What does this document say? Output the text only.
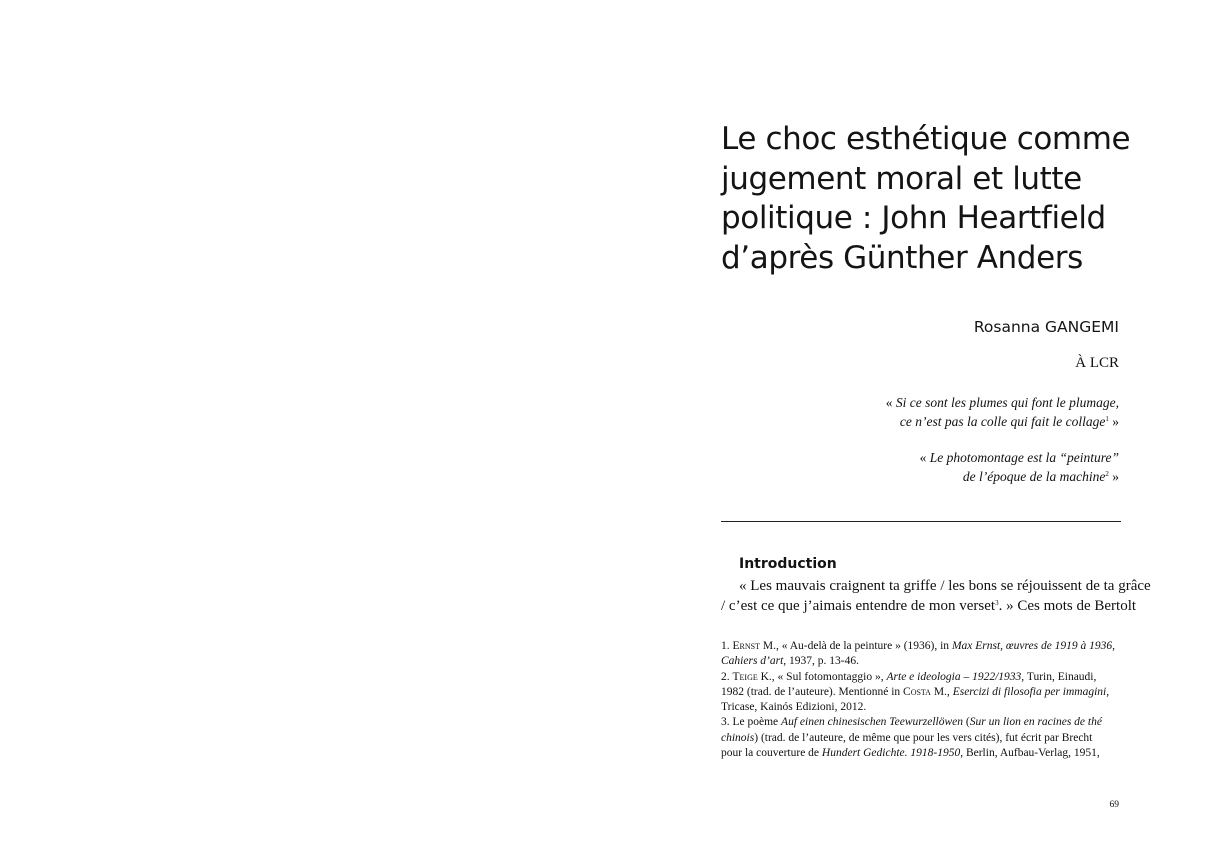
Le choc esthétique comme
jugement moral et lutte
politique : John Heartfield
d’après Günther Anders

Rosanna GANGEMI

À LCR

« Si ce sont les plumes qui font le plumage,
ce n’est pas la colle qui fait le collage$^1$ »

« Le photomontage est la “peinture”
de l’époque de la machine$^2$ »

Introduction

« Les mauvais craignent ta griffe / les bons se réjouissent de ta grâce
/ c’est ce que j’aimais entendre de mon verset$^3$. » Ces mots de Bertolt

1. Ernst M., « Au-delà de la peinture » (1936), in Max Ernst, œuvres de 1919 à 1936,
Cahiers d’art, 1937, p. 13-46.
2. Teige K., « Sul fotomontaggio », Arte e ideologia – 1922/1933, Turin, Einaudi,
1982 (trad. de l’auteure). Mentionné in Costa M., Esercizi di filosofia per immagini,
Tricase, Kainós Edizioni, 2012.
3. Le poème Auf einen chinesischen Teewurzellöwen (Sur un lion en racines de thé
chinois) (trad. de l’auteure, de même que pour les vers cités), fut écrit par Brecht
pour la couverture de Hundert Gedichte. 1918-1950, Berlin, Aufbau-Verlag, 1951,

69
